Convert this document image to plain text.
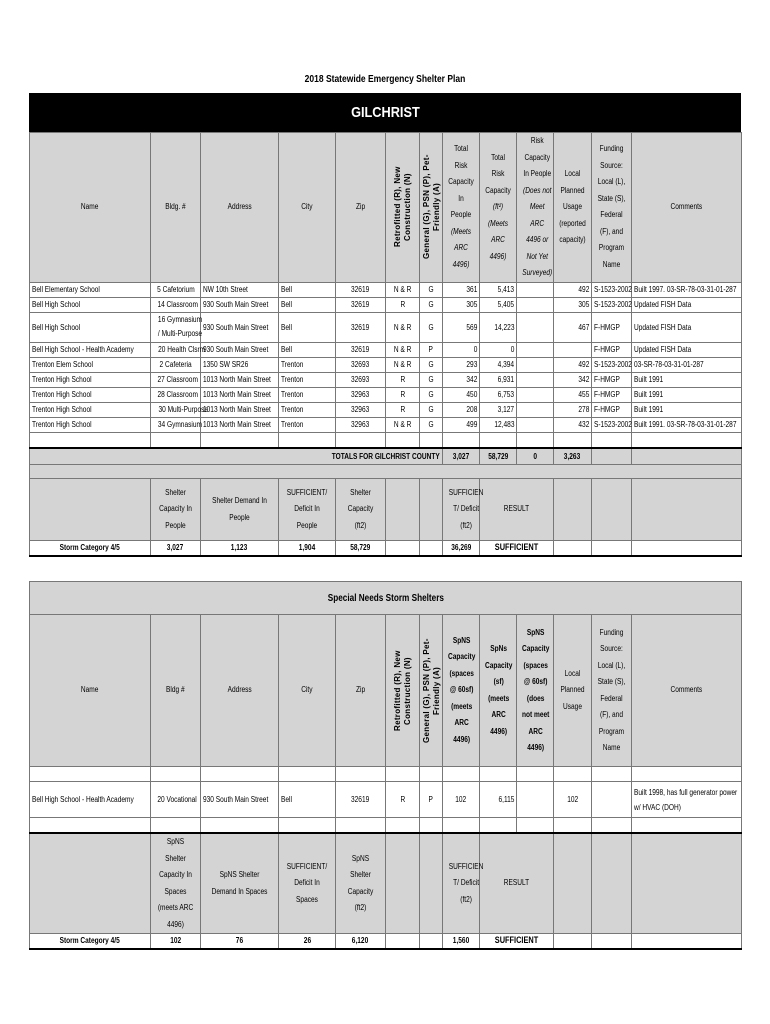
2018 Statewide Emergency Shelter Plan
GILCHRIST
Name	Bldg. #	Address	City	Zip	Retrofitted (R), New Construction (N)	General (G), PSN (P), Pet-Friendly (A)	Total Risk Capacity In People (Meets ARC 4496)	Total Risk Capacity (ft²) (Meets ARC 4496)	Risk Capacity In People (Does not Meet ARC 4496 or Not Yet Surveyed)	Local Planned Usage (reported capacity)	Funding Source: Local (L), State (S), Federal (F), and Program Name	Comments
Bell Elementary School	5 Cafetorium	NW 10th Street	Bell	32619	N & R	G	361	5,413		492	S-1523-2002	Built 1997. 03-SR-78-03-31-01-287
Bell High School	14 Classroom	930 South Main Street	Bell	32619	R	G	305	5,405		305	S-1523-2002	Updated FISH Data
Bell High School	16 Gymnasium / Multi-Purpose	930 South Main Street	Bell	32619	N & R	G	569	14,223		467	F-HMGP	Updated FISH Data
Bell High School - Health Academy	20 Health Clsrm	930 South Main Street	Bell	32619	N & R	P	0	0			F-HMGP	Updated FISH Data
Trenton Elem School	2 Cafeteria	1350 SW SR26	Trenton	32693	N & R	G	293	4,394		492	S-1523-2002	03-SR-78-03-31-01-287
Trenton High School	27 Classroom	1013 North Main Street	Trenton	32693	R	G	342	6,931		342	F-HMGP	Built 1991
Trenton High School	28 Classroom	1013 North Main Street	Trenton	32963	R	G	450	6,753		455	F-HMGP	Built 1991
Trenton High School	30 Multi-Purpose	1013 North Main Street	Trenton	32963	R	G	208	3,127		278	F-HMGP	Built 1991
Trenton High School	34 Gymnasium	1013 North Main Street	Trenton	32963	N & R	G	499	12,483		432	S-1523-2002	Built 1991. 03-SR-78-03-31-01-287

TOTALS FOR GILCHRIST COUNTY							3,027	58,729	0	3,263		

	Shelter Capacity In People	Shelter Demand In People	SUFFICIENT/ Deficit In People	Shelter Capacity (ft2)			SUFFICIEN T/ Deficit (ft2)	RESULT				
Storm Category 4/5	3,027	1,123	1,904	58,729			36,269	SUFFICIENT				
Special Needs Storm Shelters												
Name	Bldg #	Address	City	Zip	Retrofitted (R), New Construction (N)	General (G), PSN (P), Pet-Friendly (A)	SpNS Capacity (spaces @ 60sf) (meets ARC 4496)	SpNs Capacity (sf) (meets ARC 4496)	SpNS Capacity (spaces @ 60sf) (does not meet ARC 4496)	Local Planned Usage	Funding Source: Local (L), State (S), Federal (F), and Program Name	Comments

Bell High School - Health Academy	20 Vocational	930 South Main Street	Bell	32619	R	P	102	6,115		102		Built 1998, has full generator power w/ HVAC (DOH)

	SpNS Shelter Capacity In Spaces (meets ARC 4496)	SpNS Shelter Demand In Spaces	SUFFICIENT/ Deficit In Spaces	SpNS Shelter Capacity (ft2)			SUFFICIEN T/ Deficit (ft2)	RESULT				
Storm Category 4/5	102	76	26	6,120			1,560	SUFFICIENT				
